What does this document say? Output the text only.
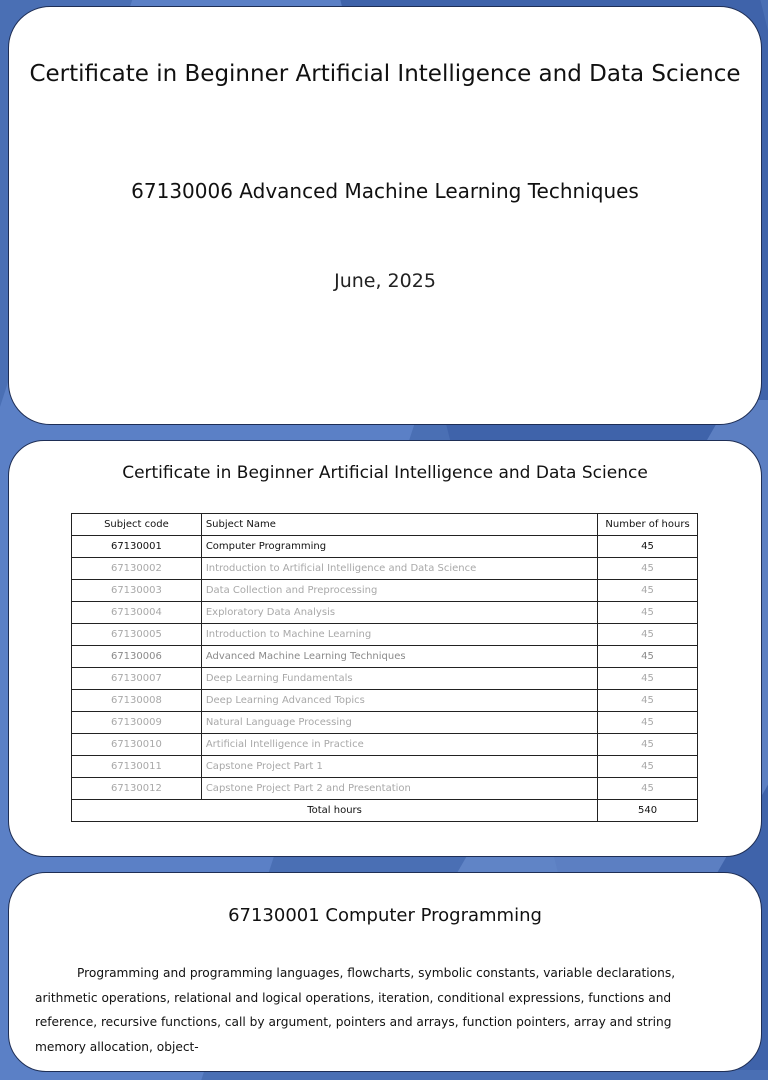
Certificate in Beginner Artificial Intelligence and Data Science
67130006 Advanced Machine Learning Techniques
June, 2025
Certificate in Beginner Artificial Intelligence and Data Science
Subject code	Subject Name	Number of hours
67130001	Computer Programming	45
67130002	Introduction to Artificial Intelligence and Data Science	45
67130003	Data Collection and Preprocessing	45
67130004	Exploratory Data Analysis	45
67130005	Introduction to Machine Learning	45
67130006	Advanced Machine Learning Techniques	45
67130007	Deep Learning Fundamentals	45
67130008	Deep Learning Advanced Topics	45
67130009	Natural Language Processing	45
67130010	Artificial Intelligence in Practice	45
67130011	Capstone Project Part 1	45
67130012	Capstone Project Part 2 and Presentation	45
Total hours		540
67130001 Computer Programming
Programming and programming languages, flowcharts, symbolic constants, variable declarations, arithmetic operations, relational and logical operations, iteration, conditional expressions, functions and reference, recursive functions, call by argument, pointers and arrays, function pointers, array and string memory allocation, object-
